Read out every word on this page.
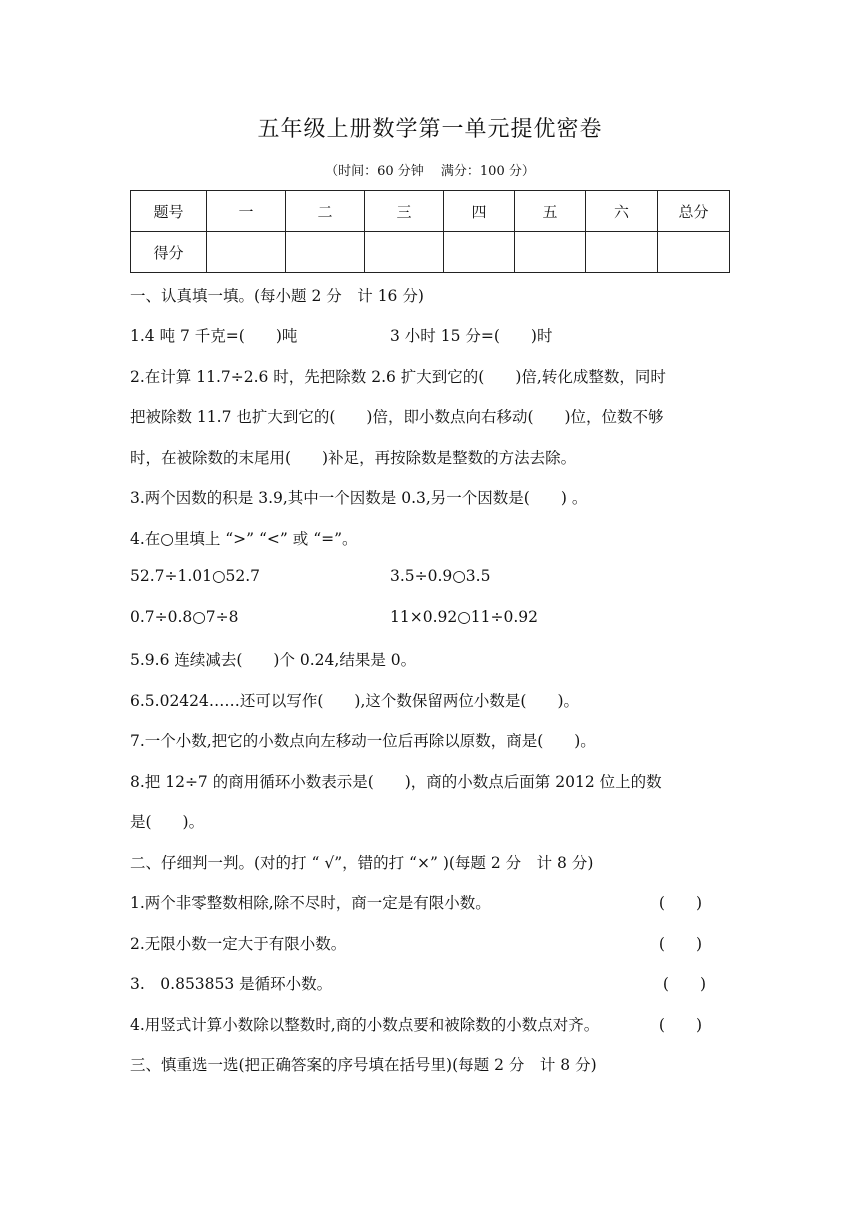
五年级上册数学第一单元提优密卷
（时间：60 分钟　 满分：100 分）
题号	一	二	三	四	五	六	总分
得分							
一、认真填一填。(每小题 2 分　计 16 分)
1.4 吨 7 千克=(　　)吨	3 小时 15 分=(　　)时
2.在计算 11.7÷2.6 时，先把除数 2.6 扩大到它的(　　)倍,转化成整数，同时
把被除数 11.7 也扩大到它的(　　)倍，即小数点向右移动(　　)位，位数不够
时，在被除数的末尾用(　　)补足，再按除数是整数的方法去除。
3.两个因数的积是 3.9,其中一个因数是 0.3,另一个因数是(　　) 。
4.在○里填上 “>” “<” 或 “=”。
52.7÷1.01○52.7	3.5÷0.9○3.5
0.7÷0.8○7÷8	11×0.92○11÷0.92
5.9.6 连续减去(　　)个 0.24,结果是 0。
6.5.02424……还可以写作(　　),这个数保留两位小数是(　　)。
7.一个小数,把它的小数点向左移动一位后再除以原数，商是(　　)。
8.把 12÷7 的商用循环小数表示是(　　)，商的小数点后面第 2012 位上的数
是(　　)。
二、仔细判一判。(对的打 “ √”，错的打 “×” )(每题 2 分　计 8 分)
1.两个非零整数相除,除不尽时，商一定是有限小数。	(　　)
2.无限小数一定大于有限小数。	(　　)
3.　0.853853 是循环小数。	(　　)
4.用竖式计算小数除以整数时,商的小数点要和被除数的小数点对齐。	(　　)
三、慎重选一选(把正确答案的序号填在括号里)(每题 2 分　计 8 分)
